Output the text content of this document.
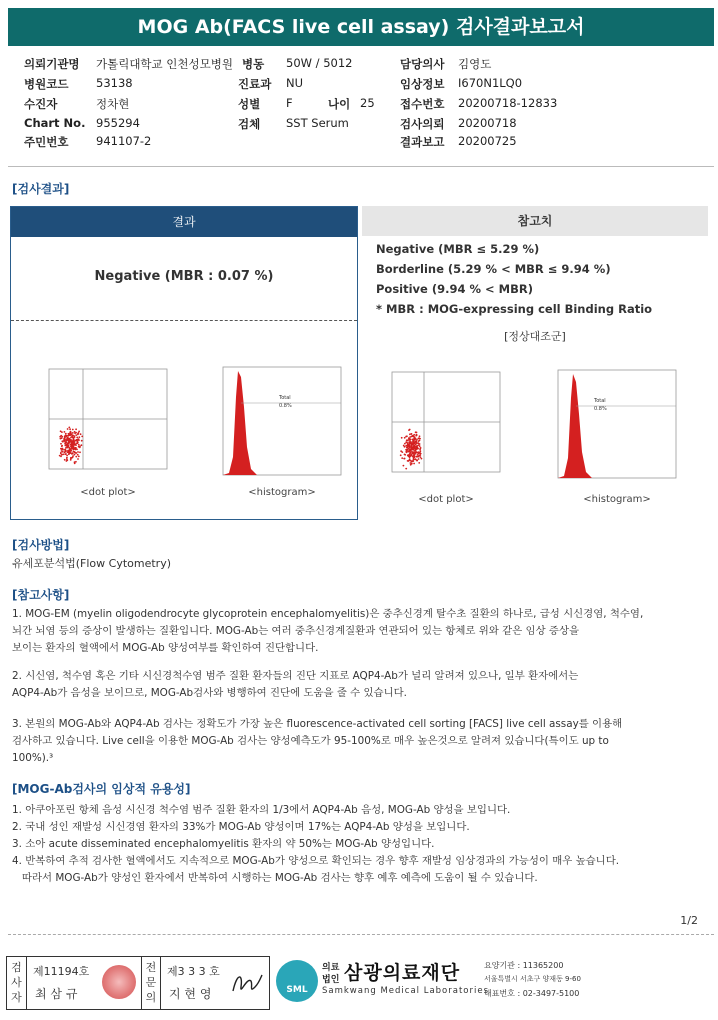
MOG Ab(FACS live cell assay) 검사결과보고서
의뢰기관명 가톨릭대학교 인천성모병원
병원코드 53138
수진자	정차현
Chart No. 955294
주민번호 941107-2
병동 50W / 5012
진료과 NU
성별 F	나이 25
검체 SST Serum
담당의사 김영도
임상정보 I670N1LQ0
접수번호 20200718-12833
검사의뢰 20200718
결과보고 20200725
[검사결과]
결과
Negative (MBR : 0.07 %)
Total
0.8%
<dot plot>	<histogram>
참고치
Negative (MBR ≤ 5.29 %)
Borderline (5.29 % < MBR ≤ 9.94 %)
Positive (9.94 % < MBR)
* MBR : MOG-expressing cell Binding Ratio
[정상대조군]
Total
0.8%
<dot plot>	<histogram>
[검사방법]
유세포분석법(Flow Cytometry)
[참고사항]
1. MOG-EM (myelin oligodendrocyte glycoprotein encephalomyelitis)은 중추신경계 탈수초 질환의 하나로, 급성 시신경염, 척수염,
뇌간 뇌염 등의 증상이 발생하는 질환입니다. MOG-Ab는 여러 중추신경계질환과 연관되어 있는 항체로 위와 같은 임상 증상을
보이는 환자의 혈액에서 MOG-Ab 양성여부를 확인하여 진단합니다.
2. 시신염, 척수염 혹은 기타 시신경척수염 범주 질환 환자들의 진단 지표로 AQP4-Ab가 널리 알려져 있으나, 일부 환자에서는
AQP4-Ab가 음성을 보이므로, MOG-Ab검사와 병행하여 진단에 도움을 줄 수 있습니다.
3. 본원의 MOG-Ab와 AQP4-Ab 검사는 정확도가 가장 높은 fluorescence-activated cell sorting [FACS] live cell assay를 이용해
검사하고 있습니다. Live cell을 이용한 MOG-Ab 검사는 양성예측도가 95-100%로 매우 높은것으로 알려져 있습니다(특이도 up to
100%).³
[MOG-Ab검사의 임상적 유용성]
1. 아쿠아포린 항체 음성 시신경 척수염 범주 질환 환자의 1/3에서 AQP4-Ab 음성, MOG-Ab 양성을 보입니다.
2. 국내 성인 재발성 시신경염 환자의 33%가 MOG-Ab 양성이며 17%는 AQP4-Ab 양성을 보입니다.
3. 소아 acute disseminated encephalomyelitis 환자의 약 50%는 MOG-Ab 양성입니다.
4. 반복하여 추적 검사한 혈액에서도 지속적으로 MOG-Ab가 양성으로 확인되는 경우 향후 재발성 임상경과의 가능성이 매우 높습니다.
따라서 MOG-Ab가 양성인 환자에서 반복하여 시행하는 MOG-Ab 검사는 향후 예후 예측에 도움이 될 수 있습니다.
1/2
검사자
제11194호
최 삼 규
전문의
제3 3 3 호
지 현 영	SML
의료
법인 삼광의료재단
Samkwang Medical Laboratories
요양기관 : 11365200
서울특별시 서초구 양재동 9-60
대표번호 : 02-3497-5100
